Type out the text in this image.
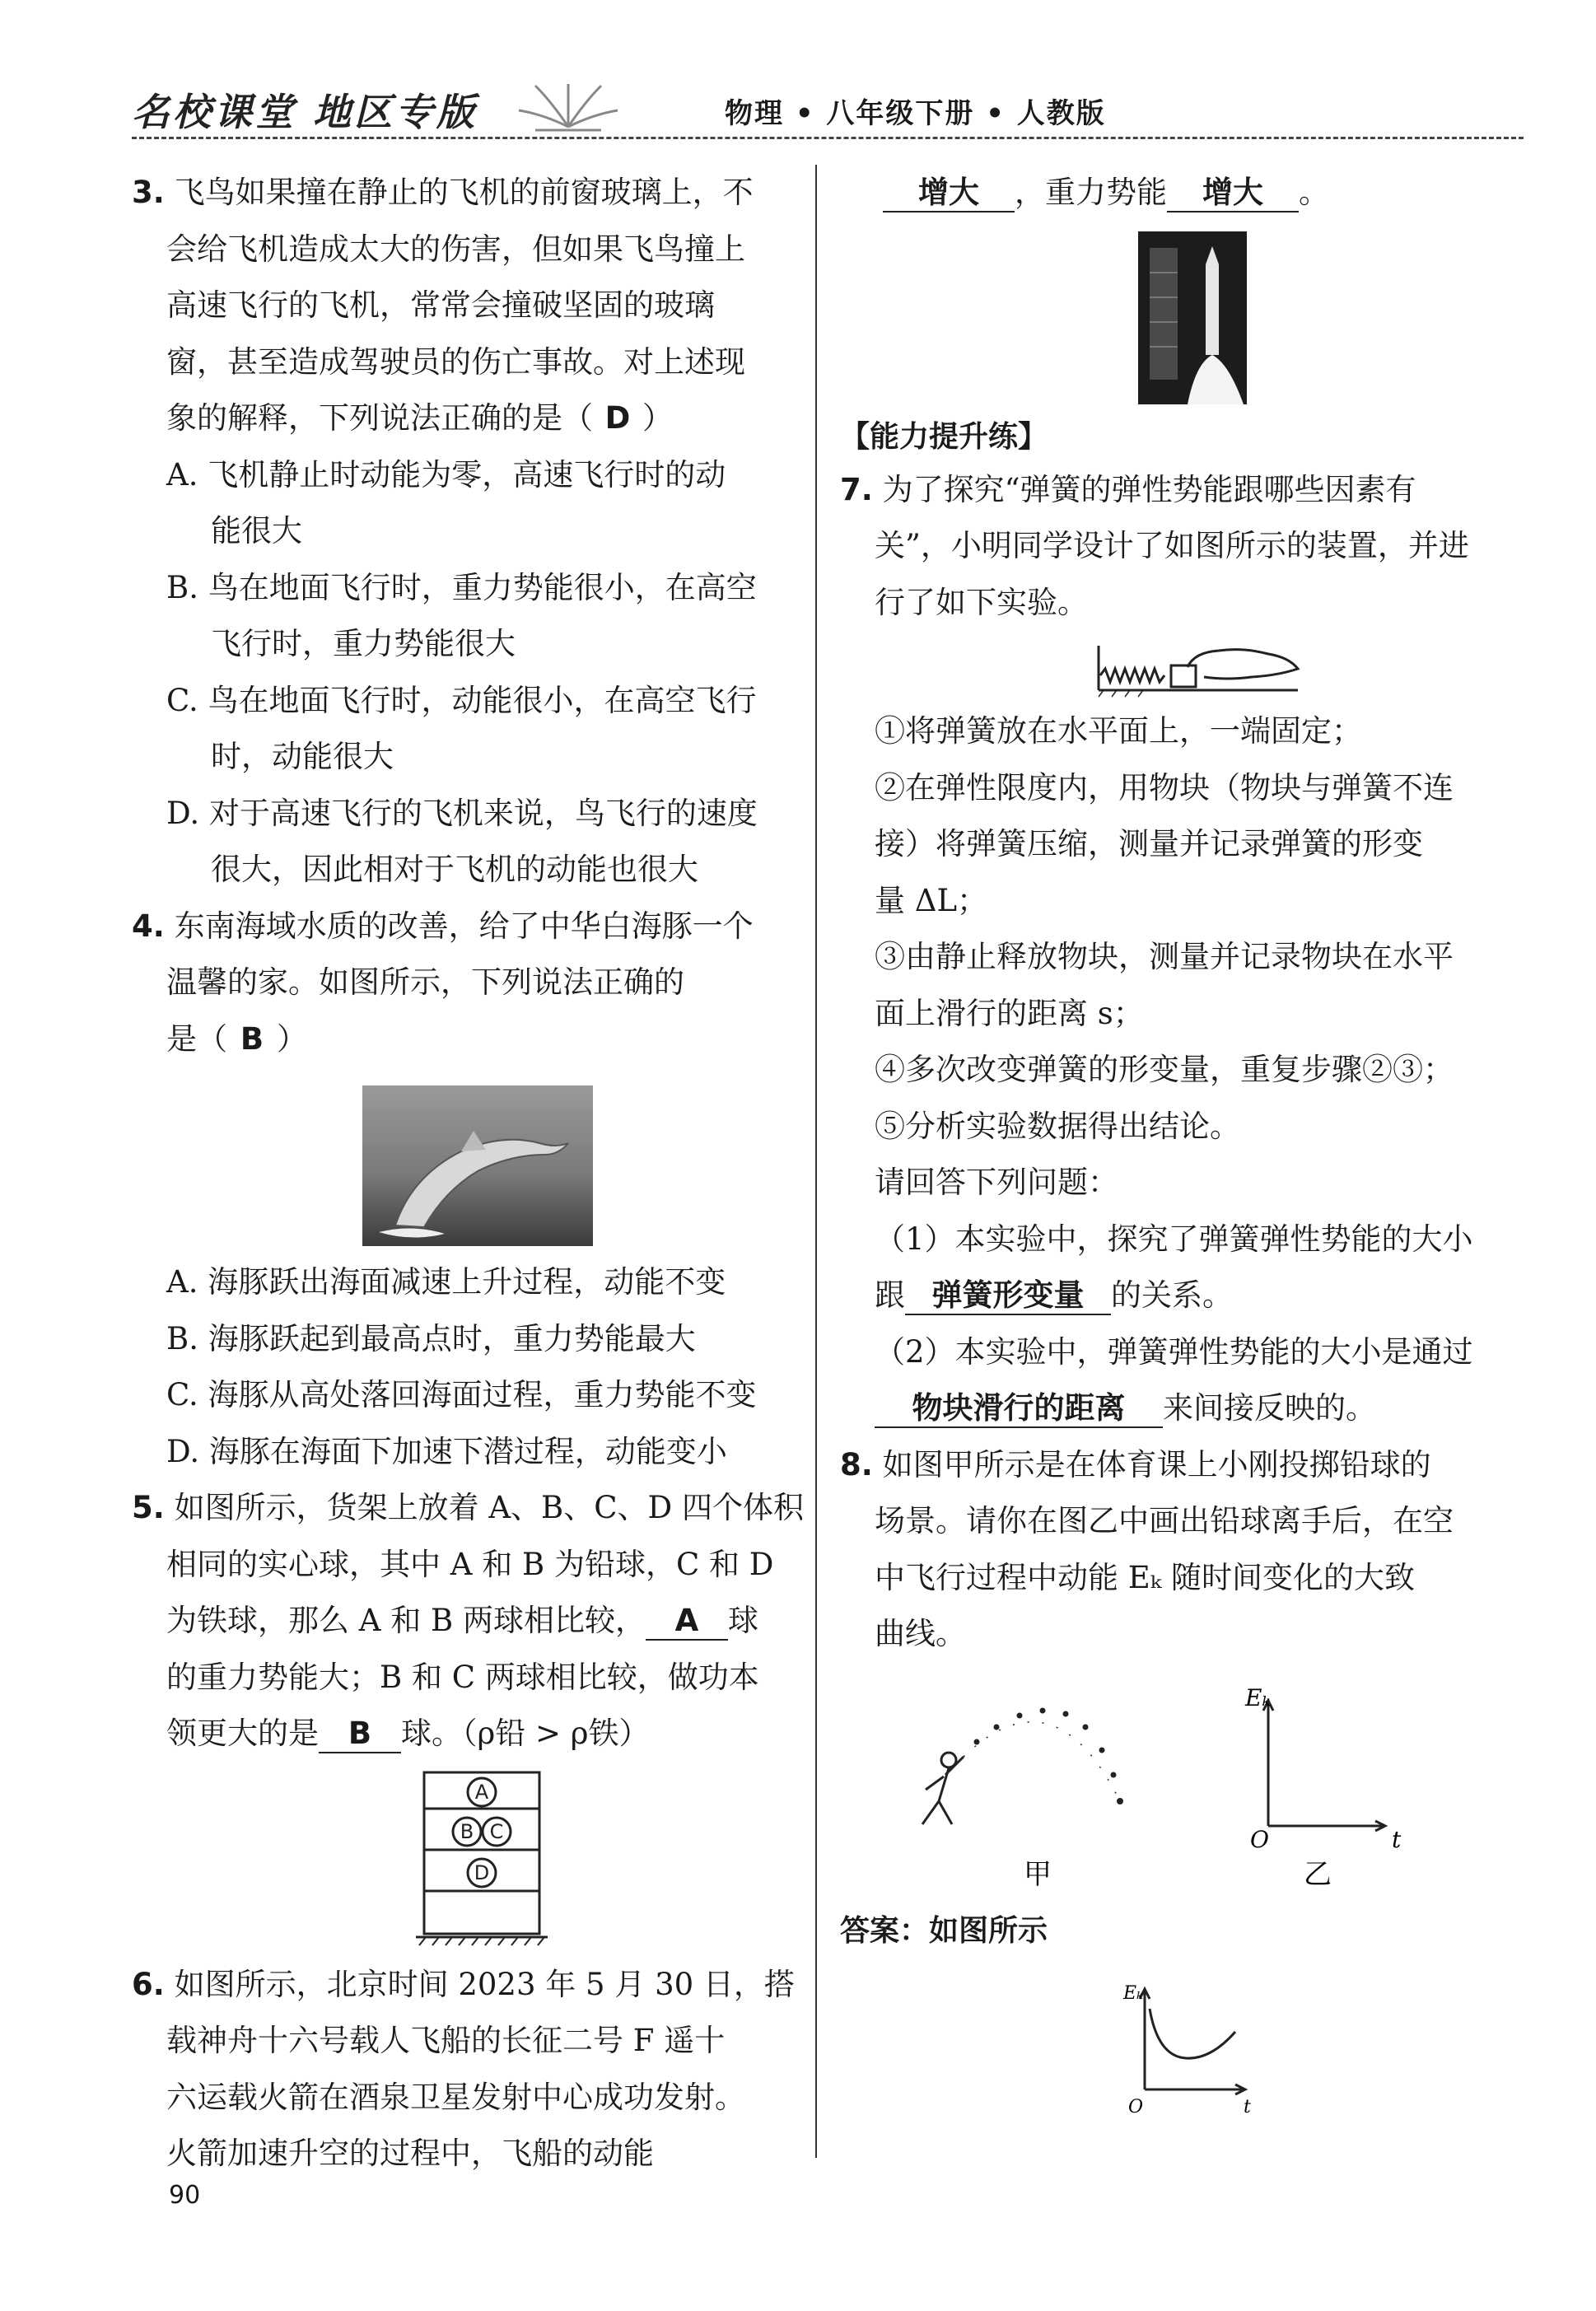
名校课堂 地区专版	物理 • 八年级下册 • 人教版

3. 飞鸟如果撞在静止的飞机的前窗玻璃上，不

会给飞机造成太大的伤害，但如果飞鸟撞上

高速飞行的飞机，常常会撞破坚固的玻璃

窗，甚至造成驾驶员的伤亡事故。对上述现

象的解释，下列说法正确的是（ D ）

A. 飞机静止时动能为零，高速飞行时的动

能很大

B. 鸟在地面飞行时，重力势能很小，在高空

飞行时，重力势能很大

C. 鸟在地面飞行时，动能很小，在高空飞行

时，动能很大

D. 对于高速飞行的飞机来说，鸟飞行的速度

很大，因此相对于飞机的动能也很大

4. 东南海域水质的改善，给了中华白海豚一个

温馨的家。如图所示，下列说法正确的

是（ B ）

A. 海豚跃出海面减速上升过程，动能不变

B. 海豚跃起到最高点时，重力势能最大

C. 海豚从高处落回海面过程，重力势能不变

D. 海豚在海面下加速下潜过程，动能变小

5. 如图所示，货架上放着 A、B、C、D 四个体积

相同的实心球，其中 A 和 B 为铅球，C 和 D

为铁球，那么 A 和 B 两球相比较， A 球

的重力势能大；B 和 C 两球相比较，做功本

领更大的是 B 球。（ρ铅 > ρ铁）

A
B C
D

6. 如图所示，北京时间 2023 年 5 月 30 日，搭

载神舟十六号载人飞船的长征二号 F 遥十

六运载火箭在酒泉卫星发射中心成功发射。

火箭加速升空的过程中，飞船的动能

增大 ，重力势能 增大 。

【能力提升练】

7. 为了探究“弹簧的弹性势能跟哪些因素有

关”，小明同学设计了如图所示的装置，并进

行了如下实验。

①将弹簧放在水平面上，一端固定；

②在弹性限度内，用物块（物块与弹簧不连

接）将弹簧压缩，测量并记录弹簧的形变

量 ΔL；

③由静止释放物块，测量并记录物块在水平

面上滑行的距离 s；

④多次改变弹簧的形变量，重复步骤②③；

⑤分析实验数据得出结论。

请回答下列问题：

（1）本实验中，探究了弹簧弹性势能的大小

跟 弹簧形变量 的关系。

（2）本实验中，弹簧弹性势能的大小是通过

物块滑行的距离 来间接反映的。

8. 如图甲所示是在体育课上小刚投掷铅球的

场景。请你在图乙中画出铅球离手后，在空

中飞行过程中动能 Eₖ 随时间变化的大致

曲线。

甲
Eₖ
O	t
乙

答案：如图所示

Eₖ
O	t
90
